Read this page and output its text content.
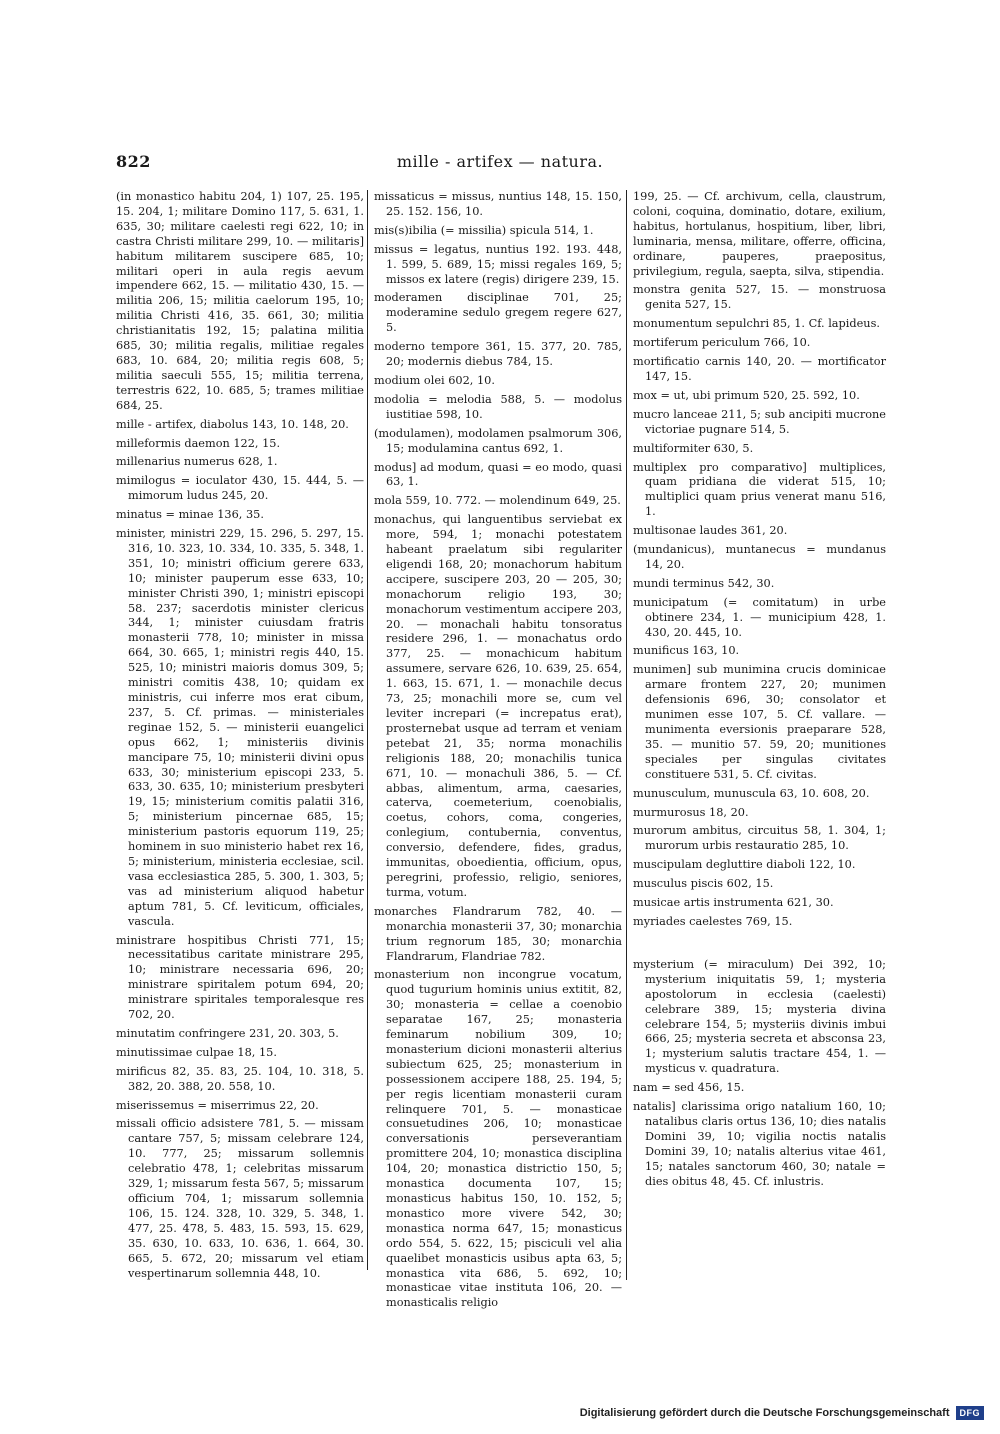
822	mille - artifex — natura.

(in monastico habitu 204, 1) 107, 25. 195, 15. 204, 1; militare Domino 117, 5. 631, 1. 635, 30; militare caelesti regi 622, 10; in castra Christi militare 299, 10. — militaris] habitum militarem suscipere 685, 10; militari operi in aula regis aevum impendere 662, 15. — militatio 430, 15. — militia 206, 15; militia caelorum 195, 10; militia Christi 416, 35. 661, 30; militia christianitatis 192, 15; palatina militia 685, 30; militia regalis, militiae regales 683, 10. 684, 20; militia regis 608, 5; militia saeculi 555, 15; militia terrena, terrestris 622, 10. 685, 5; trames militiae 684, 25.

mille - artifex, diabolus 143, 10. 148, 20.

milleformis daemon 122, 15.

millenarius numerus 628, 1.

mimilogus = ioculator 430, 15. 444, 5. — mimorum ludus 245, 20.

minatus = minae 136, 35.

minister, ministri 229, 15. 296, 5. 297, 15. 316, 10. 323, 10. 334, 10. 335, 5. 348, 1. 351, 10; ministri officium gerere 633, 10; minister pauperum esse 633, 10; minister Christi 390, 1; ministri episcopi 58. 237; sacerdotis minister clericus 344, 1; minister cuiusdam fratris monasterii 778, 10; minister in missa 664, 30. 665, 1; ministri regis 440, 15. 525, 10; ministri maioris domus 309, 5; ministri comitis 438, 10; quidam ex ministris, cui inferre mos erat cibum, 237, 5. Cf. primas. — ministeriales reginae 152, 5. — ministerii euangelici opus 662, 1; ministeriis divinis mancipare 75, 10; ministerii divini opus 633, 30; ministerium episcopi 233, 5. 633, 30. 635, 10; ministerium presbyteri 19, 15; ministerium comitis palatii 316, 5; ministerium pincernae 685, 15; ministerium pastoris equorum 119, 25; hominem in suo ministerio habet rex 16, 5; ministerium, ministeria ecclesiae, scil. vasa ecclesiastica 285, 5. 300, 1. 303, 5; vas ad ministerium aliquod habetur aptum 781, 5. Cf. leviticum, officiales, vascula.

ministrare hospitibus Christi 771, 15; necessitatibus caritate ministrare 295, 10; ministrare necessaria 696, 20; ministrare spiritalem potum 694, 20; ministrare spiritales temporalesque res 702, 20.

minutatim confringere 231, 20. 303, 5.

minutissimae culpae 18, 15.

mirificus 82, 35. 83, 25. 104, 10. 318, 5. 382, 20. 388, 20. 558, 10.

miserissemus = miserrimus 22, 20.

missali officio adsistere 781, 5. — missam cantare 757, 5; missam celebrare 124, 10. 777, 25; missarum sollemnis celebratio 478, 1; celebritas missarum 329, 1; missarum festa 567, 5; missarum officium 704, 1; missarum sollemnia 106, 15. 124. 328, 10. 329, 5. 348, 1. 477, 25. 478, 5. 483, 15. 593, 15. 629, 35. 630, 10. 633, 10. 636, 1. 664, 30. 665, 5. 672, 20; missarum vel etiam vespertinarum sollemnia 448, 10.

missaticus = missus, nuntius 148, 15. 150, 25. 152. 156, 10.

mis(s)ibilia (= missilia) spicula 514, 1.

missus = legatus, nuntius 192. 193. 448, 1. 599, 5. 689, 15; missi regales 169, 5; missos ex latere (regis) dirigere 239, 15.

moderamen disciplinae 701, 25; moderamine sedulo gregem regere 627, 5.

moderno tempore 361, 15. 377, 20. 785, 20; modernis diebus 784, 15.

modium olei 602, 10.

modolia = melodia 588, 5. — modolus iustitiae 598, 10.

(modulamen), modolamen psalmorum 306, 15; modulamina cantus 692, 1.

modus] ad modum, quasi = eo modo, quasi 63, 1.

mola 559, 10. 772. — molendinum 649, 25.

monachus, qui languentibus serviebat ex more, 594, 1; monachi potestatem habeant praelatum sibi regulariter eligendi 168, 20; monachorum habitum accipere, suscipere 203, 20 — 205, 30; monachorum religio 193, 30; monachorum vestimentum accipere 203, 20. — monachali habitu tonsoratus residere 296, 1. — monachatus ordo 377, 25. — monachicum habitum assumere, servare 626, 10. 639, 25. 654, 1. 663, 15. 671, 1. — monachile decus 73, 25; monachili more se, cum vel leviter increpari (= increpatus erat), prosternebat usque ad terram et veniam petebat 21, 35; norma monachilis religionis 188, 20; monachilis tunica 671, 10. — monachuli 386, 5. — Cf. abbas, alimentum, arma, caesaries, caterva, coemeterium, coenobialis, coetus, cohors, coma, congeries, conlegium, contubernia, conventus, conversio, defendere, fides, gradus, immunitas, oboedientia, officium, opus, peregrini, professio, religio, seniores, turma, votum.

monarches Flandrarum 782, 40. — monarchia monasterii 37, 30; monarchia trium regnorum 185, 30; monarchia Flandrarum, Flandriae 782.

monasterium non incongrue vocatum, quod tugurium hominis unius extitit, 82, 30; monasteria = cellae a coenobio separatae 167, 25; monasteria feminarum nobilium 309, 10; monasterium dicioni monasterii alterius subiectum 625, 25; monasterium in possessionem accipere 188, 25. 194, 5; per regis licentiam monasterii curam relinquere 701, 5. — monasticae consuetudines 206, 10; monasticae conversationis perseverantiam promittere 204, 10; monastica disciplina 104, 20; monastica districtio 150, 5; monastica documenta 107, 15; monasticus habitus 150, 10. 152, 5; monastico more vivere 542, 30; monastica norma 647, 15; monasticus ordo 554, 5. 622, 15; pisciculi vel alia quaelibet monasticis usibus apta 63, 5; monastica vita 686, 5. 692, 10; monasticae vitae instituta 106, 20. — monasticalis religio

199, 25. — Cf. archivum, cella, claustrum, coloni, coquina, dominatio, dotare, exilium, habitus, hortulanus, hospitium, liber, libri, luminaria, mensa, militare, offerre, officina, ordinare, pauperes, praepositus, privilegium, regula, saepta, silva, stipendia.

monstra genita 527, 15. — monstruosa genita 527, 15.

monumentum sepulchri 85, 1. Cf. lapideus.

mortiferum periculum 766, 10.

mortificatio carnis 140, 20. — mortificator 147, 15.

mox = ut, ubi primum 520, 25. 592, 10.

mucro lanceae 211, 5; sub ancipiti mucrone victoriae pugnare 514, 5.

multiformiter 630, 5.

multiplex pro comparativo] multiplices, quam pridiana die viderat 515, 10; multiplici quam prius venerat manu 516, 1.

multisonae laudes 361, 20.

(mundanicus), muntanecus = mundanus 14, 20.

mundi terminus 542, 30.

municipatum (= comitatum) in urbe obtinere 234, 1. — municipium 428, 1. 430, 20. 445, 10.

munificus 163, 10.

munimen] sub munimina crucis dominicae armare frontem 227, 20; munimen defensionis 696, 30; consolator et munimen esse 107, 5. Cf. vallare. — munimenta eversionis praeparare 528, 35. — munitio 57. 59, 20; munitiones speciales per singulas civitates constituere 531, 5. Cf. civitas.

munusculum, munuscula 63, 10. 608, 20.

murmurosus 18, 20.

murorum ambitus, circuitus 58, 1. 304, 1; murorum urbis restauratio 285, 10.

muscipulam degluttire diaboli 122, 10.

musculus piscis 602, 15.

musicae artis instrumenta 621, 30.

myriades caelestes 769, 15.

mysterium (= miraculum) Dei 392, 10; mysterium iniquitatis 59, 1; mysteria apostolorum in ecclesia (caelesti) celebrare 389, 15; mysteria divina celebrare 154, 5; mysteriis divinis imbui 666, 25; mysteria secreta et absconsa 23, 1; mysterium salutis tractare 454, 1. — mysticus v. quadratura.

nam = sed 456, 15.

natalis] clarissima origo natalium 160, 10; natalibus claris ortus 136, 10; dies natalis Domini 39, 10; vigilia noctis natalis Domini 39, 10; natalis alterius vitae 461, 15; natales sanctorum 460, 30; natale = dies obitus 48, 45. Cf. inlustris.

Digitalisierung gefördert durch die Deutsche Forschungsgemeinschaft	DFG
